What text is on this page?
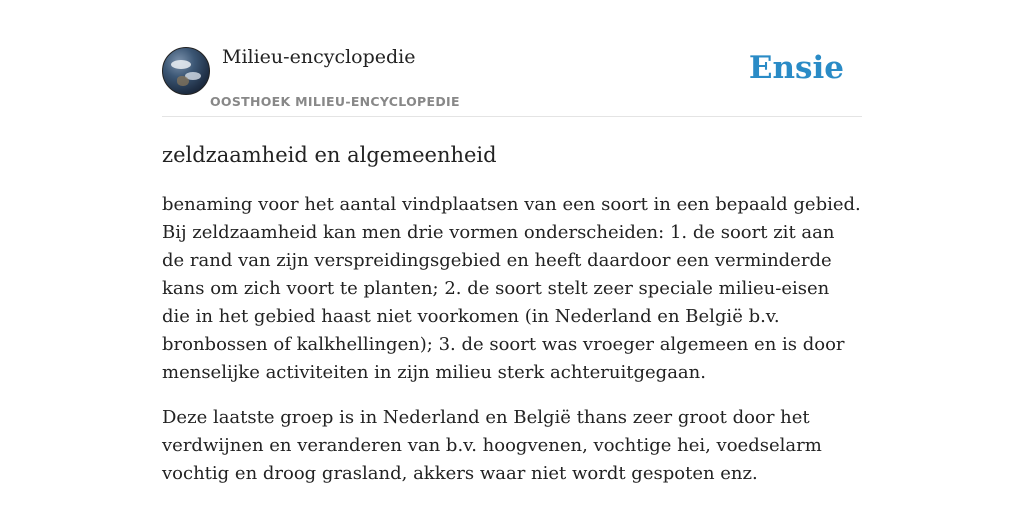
Milieu-encyclopedie
OOSTHOEK MILIEU-ENCYCLOPEDIE
Ensie
zeldzaamheid en algemeenheid

benaming voor het aantal vindplaatsen van een soort in een bepaald gebied. Bij zeldzaamheid kan men drie vormen onderscheiden: 1. de soort zit aan de rand van zijn verspreidingsgebied en heeft daardoor een verminderde kans om zich voort te planten; 2. de soort stelt zeer speciale milieu-eisen die in het gebied haast niet voorkomen (in Nederland en België b.v. bronbossen of kalkhellingen); 3. de soort was vroeger algemeen en is door menselijke activiteiten in zijn milieu sterk achteruitgegaan.

Deze laatste groep is in Nederland en België thans zeer groot door het verdwijnen en veranderen van b.v. hoogvenen, vochtige hei, voedselarm vochtig en droog grasland, akkers waar niet wordt gespoten enz.
